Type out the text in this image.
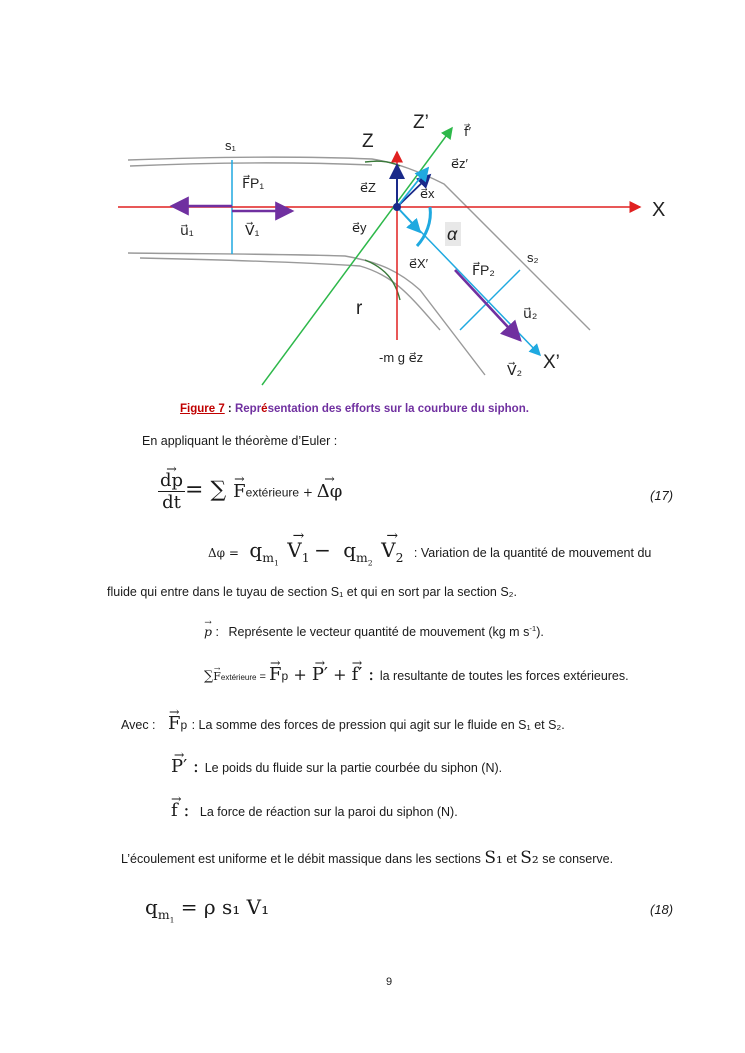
X
Z
Z’
X’
r
s₁
s₂
α
F⃗P₁
V⃗₁
u⃗₁
F⃗P₂
V⃗₂
u⃗₂
e⃗Z
e⃗y
e⃗x
e⃗z′
e⃗X′
f⃗′
-m g e⃗z
Figure 7 : Représentation des efforts sur la courbure du siphon.
En appliquant le théorème d’Euler :
→ $\frac{dp}{dt}$ = ∑ → Fextérieure + → Δφ	(17)
$\Delta\varphi = q_{m_1} \to V_1 - q_{m_2} \to V_2$ : Variation de la quantité de mouvement du
fluide qui entre dans le tuyau de section S₁ et qui en sort par la section S₂.
→ p : Représente le vecteur quantité de mouvement (kg m $s^{-1}$).
∑→ Fextérieure = → Fp + → P′ + → f′ : la resultante de toutes les forces extérieures.
Avec : → Fp : La somme des forces de pression qui agit sur le fluide en S₁ et S₂.
→ P′ : Le poids du fluide sur la partie courbée du siphon (N).
→ f : La force de réaction sur la paroi du siphon (N).
L’écoulement est uniforme et le débit massique dans les sections S₁ et S₂ se conserve.
$q_{m_1} = \rho$ s₁ V₁	(18)
9
